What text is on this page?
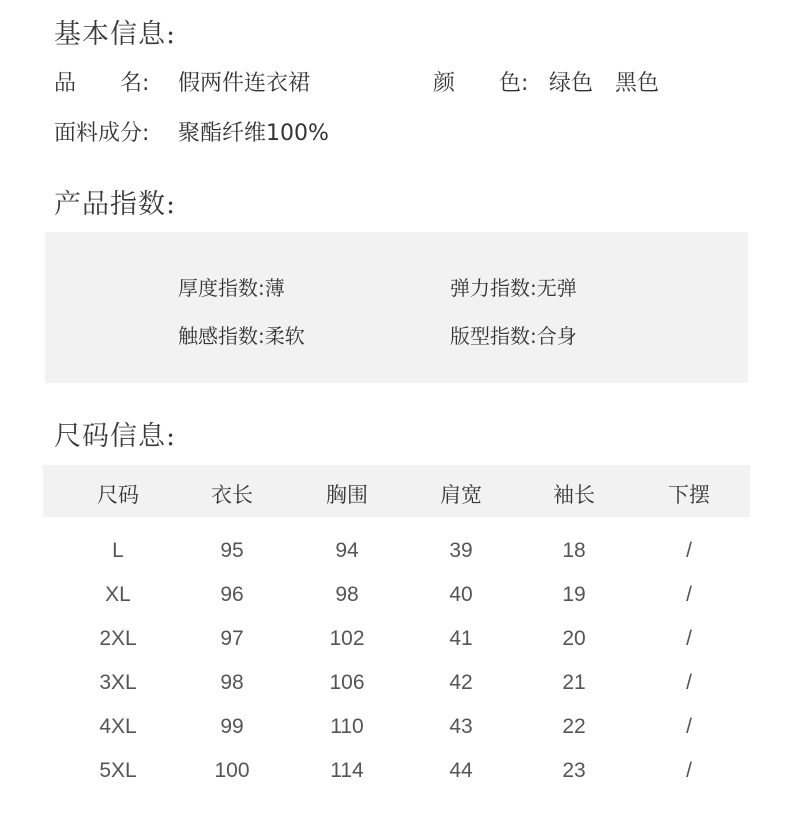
基本信息:
品　　名: 假两件连衣裙	颜　　色: 绿色　黑色
面料成分: 聚酯纤维100%
产品指数:
厚度指数:薄	弹力指数:无弹
触感指数:柔软	版型指数:合身
尺码信息:
尺码	衣长	胸围	肩宽	袖长	下摆
L	95	94	39	18	/
XL	96	98	40	19	/
2XL	97	102	41	20	/
3XL	98	106	42	21	/
4XL	99	110	43	22	/
5XL	100	114	44	23	/
